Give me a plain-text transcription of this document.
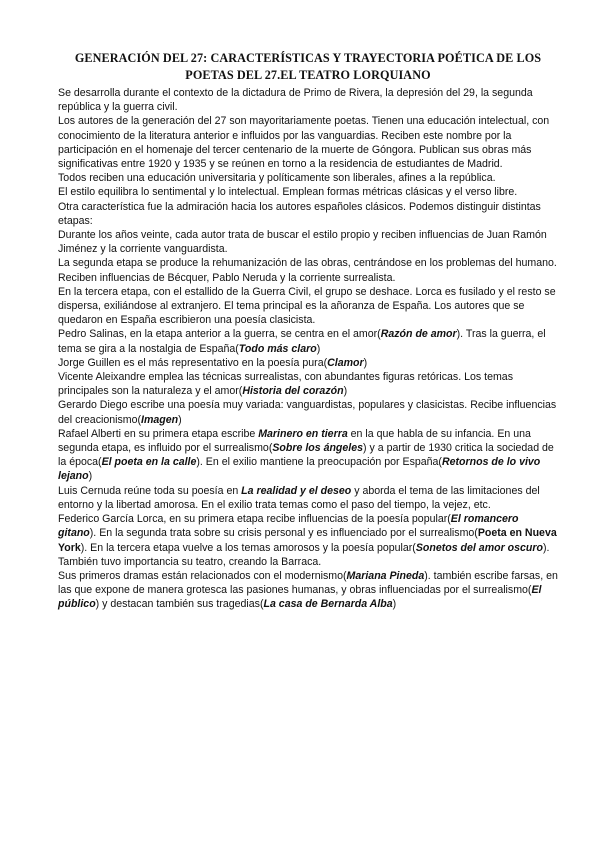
GENERACIÓN DEL 27: CARACTERÍSTICAS Y TRAYECTORIA POÉTICA DE LOS POETAS DEL 27.EL TEATRO LORQUIANO

Se desarrolla durante el contexto de la dictadura de Primo de Rivera, la depresión del 29, la segunda república y la guerra civil.

Los autores de la generación del 27 son mayoritariamente poetas. Tienen una educación intelectual, con conocimiento de la literatura anterior e influidos por las vanguardias. Reciben este nombre por la participación en el homenaje del tercer centenario de la muerte de Góngora. Publican sus obras más significativas entre 1920 y 1935 y se reúnen en torno a la residencia de estudiantes de Madrid.

Todos reciben una educación universitaria y políticamente son liberales, afines a la república.

El estilo equilibra lo sentimental y lo intelectual. Emplean formas métricas clásicas y el verso libre.

Otra característica fue la admiración hacia los autores españoles clásicos. Podemos distinguir distintas etapas:

Durante los años veinte, cada autor trata de buscar el estilo propio y reciben influencias de Juan Ramón Jiménez y la corriente vanguardista.

La segunda etapa se produce la rehumanización de las obras, centrándose en los problemas del humano. Reciben influencias de Bécquer, Pablo Neruda y la corriente surrealista.

En la tercera etapa, con el estallido de la Guerra Civil, el grupo se deshace. Lorca es fusilado y el resto se dispersa, exiliándose al extranjero. El tema principal es la añoranza de España. Los autores que se quedaron en España escribieron una poesía clasicista.

Pedro Salinas, en la etapa anterior a la guerra, se centra en el amor(Razón de amor). Tras la guerra, el tema se gira a la nostalgia de España(Todo más claro)

Jorge Guillen es el más representativo en la poesía pura(Clamor)

Vicente Aleixandre emplea las técnicas surrealistas, con abundantes figuras retóricas. Los temas principales son la naturaleza y el amor(Historia del corazón)

Gerardo Diego escribe una poesía muy variada: vanguardistas, populares y clasicistas. Recibe influencias del creacionismo(Imagen)

Rafael Alberti en su primera etapa escribe Marinero en tierra en la que habla de su infancia. En una segunda etapa, es influido por el surrealismo(Sobre los ángeles) y a partir de 1930 critica la sociedad de la época(El poeta en la calle). En el exilio mantiene la preocupación por España(Retornos de lo vivo lejano)

Luis Cernuda reúne toda su poesía en La realidad y el deseo y aborda el tema de las limitaciones del entorno y la libertad amorosa. En el exilio trata temas como el paso del tiempo, la vejez, etc.

Federico García Lorca, en su primera etapa recibe influencias de la poesía popular(El romancero gitano). En la segunda trata sobre su crisis personal y es influenciado por el surrealismo(Poeta en Nueva York). En la tercera etapa vuelve a los temas amorosos y la poesía popular(Sonetos del amor oscuro). También tuvo importancia su teatro, creando la Barraca.

Sus primeros dramas están relacionados con el modernismo(Mariana Pineda). también escribe farsas, en las que expone de manera grotesca las pasiones humanas, y obras influenciadas por el surrealismo(El público) y destacan también sus tragedias(La casa de Bernarda Alba)
